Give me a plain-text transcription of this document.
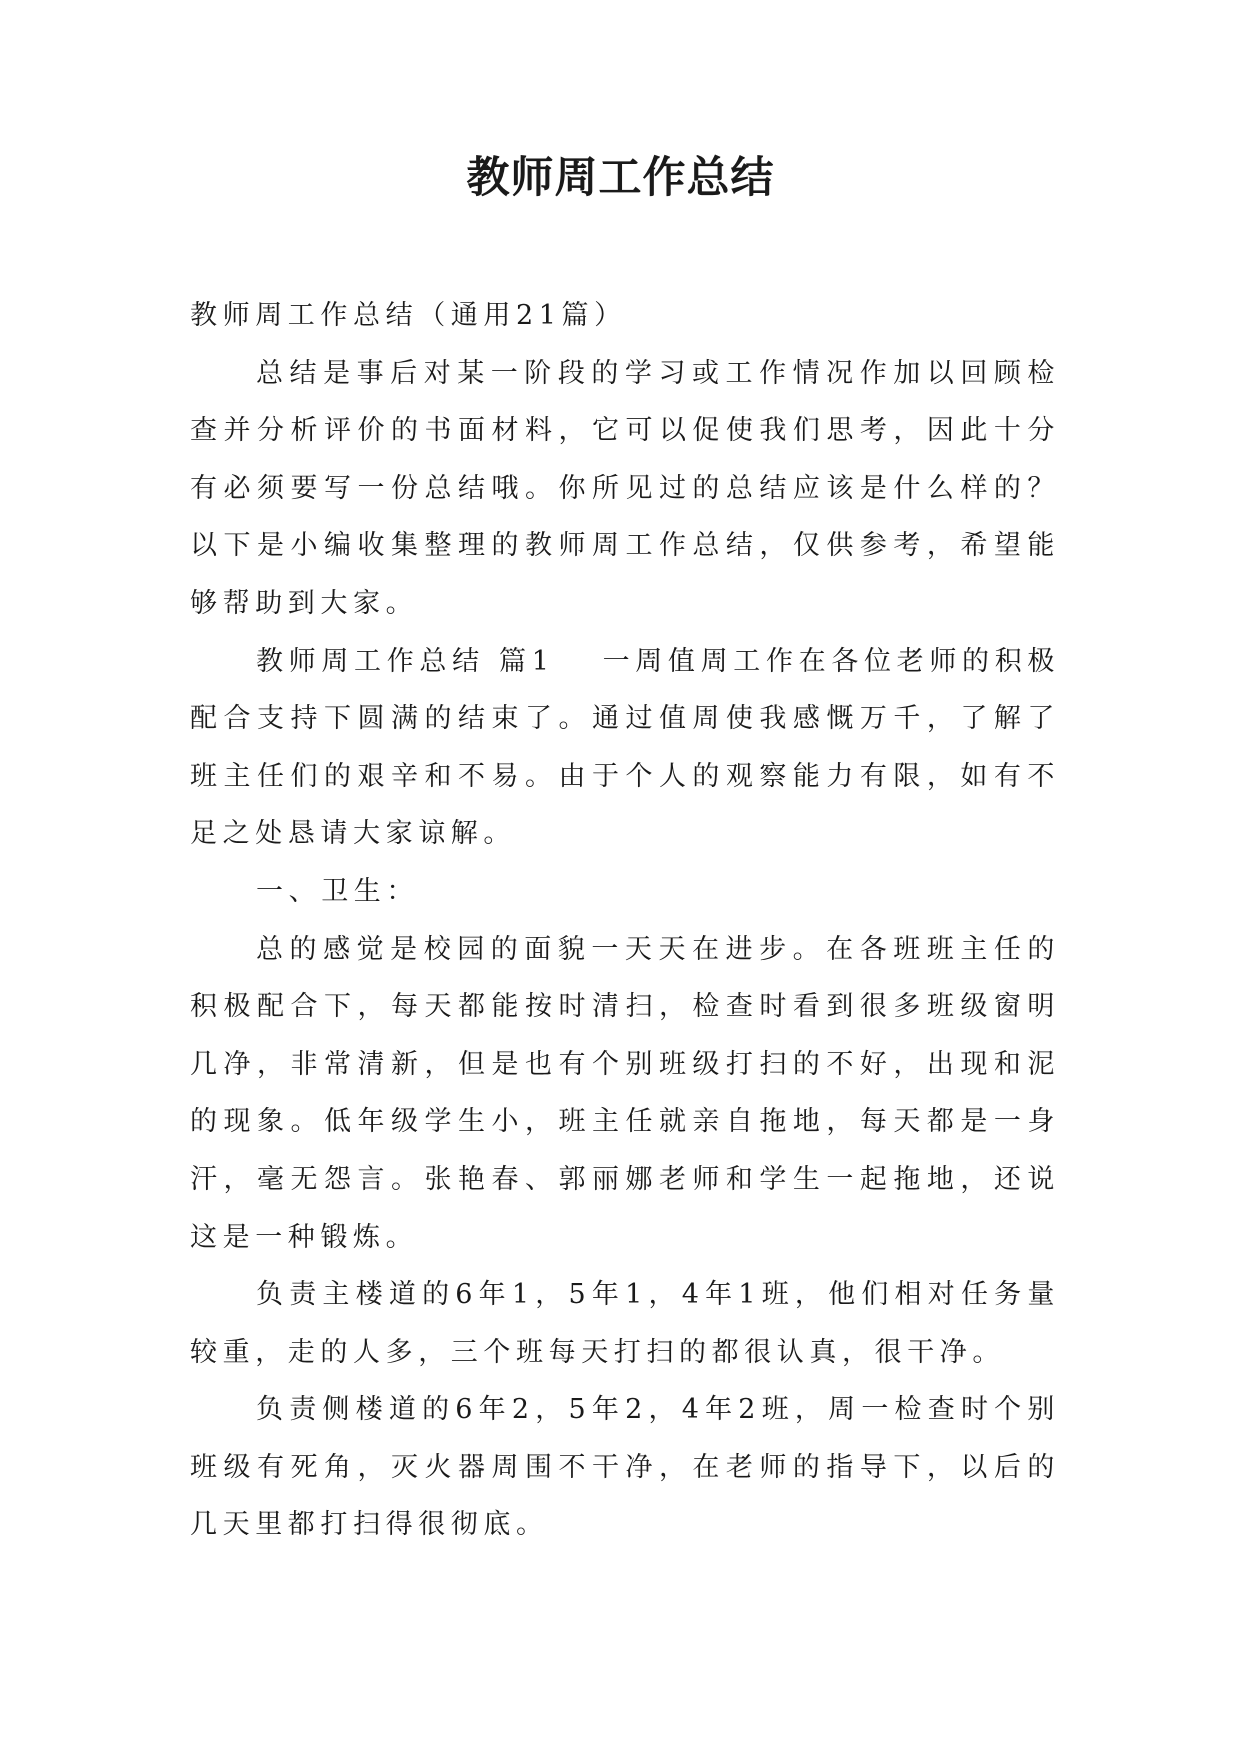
教师周工作总结

教师周工作总结（通用21篇）

总结是事后对某一阶段的学习或工作情况作加以回顾检查并分析评价的书面材料，它可以促使我们思考，因此十分有必须要写一份总结哦。你所见过的总结应该是什么样的？以下是小编收集整理的教师周工作总结，仅供参考，希望能够帮助到大家。

教师周工作总结 篇1 一周值周工作在各位老师的积极配合支持下圆满的结束了。通过值周使我感慨万千，了解了班主任们的艰辛和不易。由于个人的观察能力有限，如有不足之处恳请大家谅解。

一、卫生：

总的感觉是校园的面貌一天天在进步。在各班班主任的积极配合下，每天都能按时清扫，检查时看到很多班级窗明几净，非常清新，但是也有个别班级打扫的不好，出现和泥的现象。低年级学生小，班主任就亲自拖地，每天都是一身汗，毫无怨言。张艳春、郭丽娜老师和学生一起拖地，还说这是一种锻炼。

负责主楼道的6年1，5年1，4年1班，他们相对任务量较重，走的人多，三个班每天打扫的都很认真，很干净。

负责侧楼道的6年2，5年2，4年2班，周一检查时个别班级有死角，灭火器周围不干净，在老师的指导下，以后的几天里都打扫得很彻底。
